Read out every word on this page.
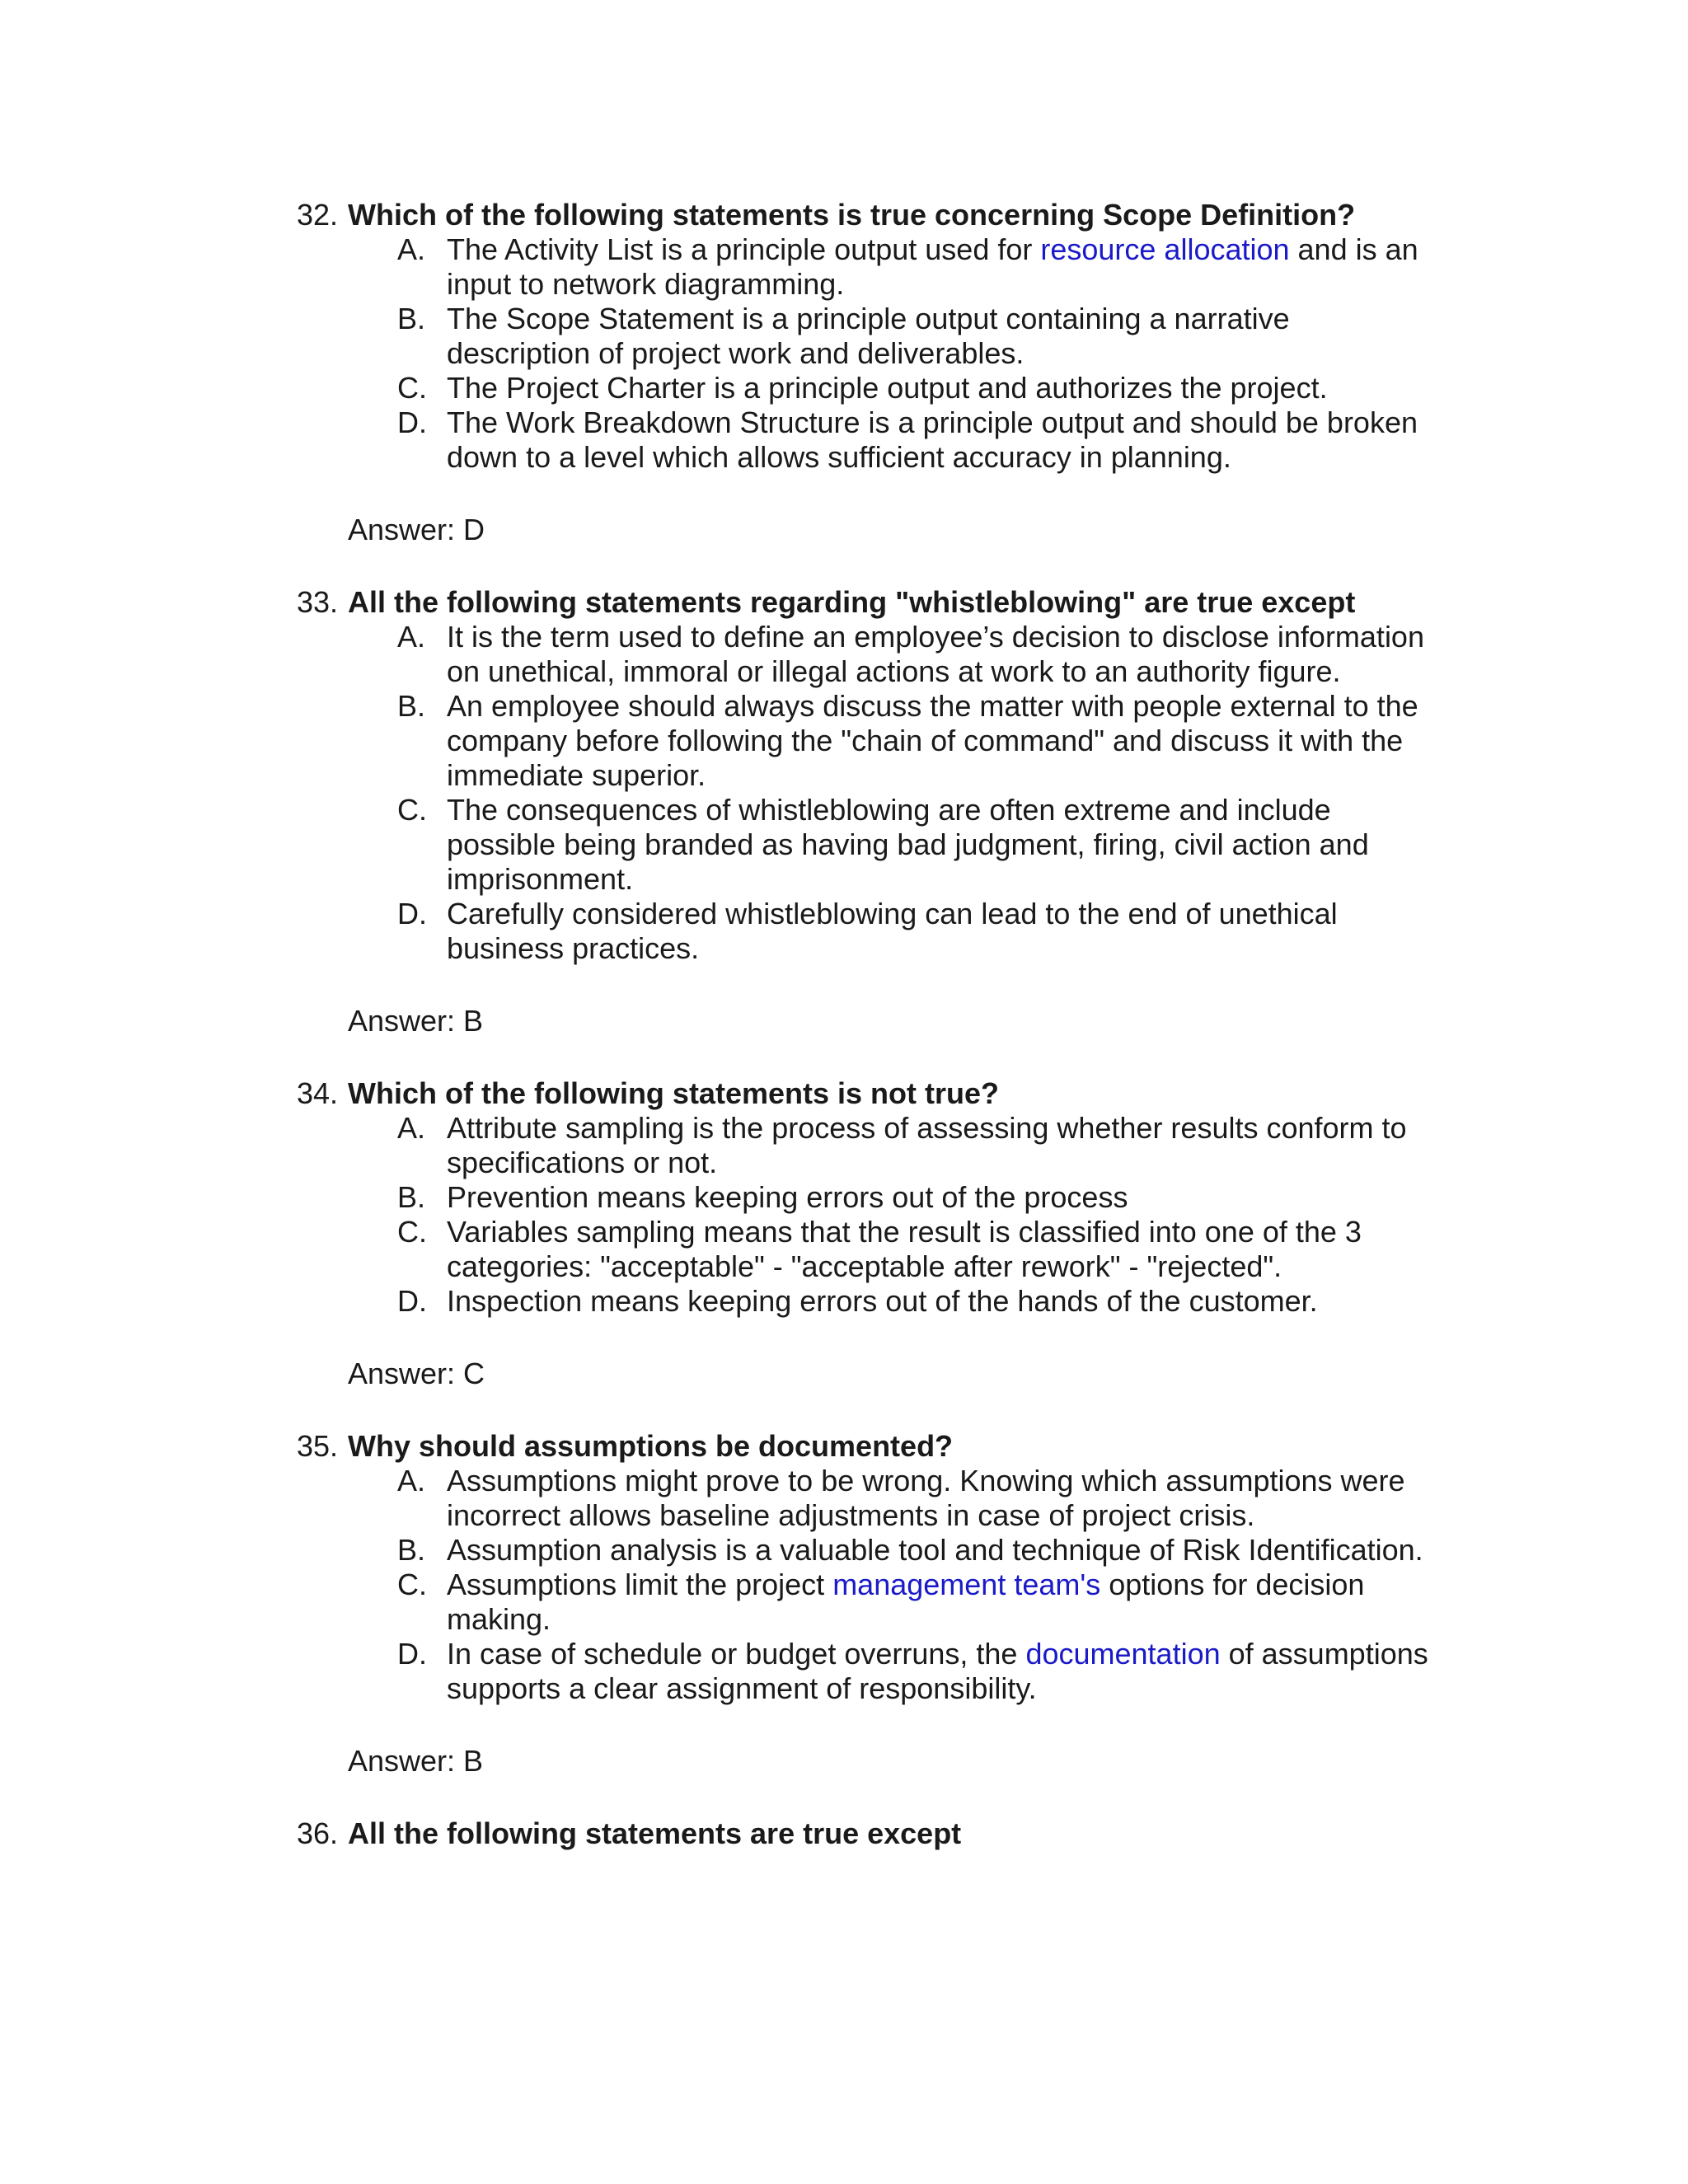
32. Which of the following statements is true concerning Scope Definition?
A. The Activity List is a principle output used for resource allocation and is an input to network diagramming.
B. The Scope Statement is a principle output containing a narrative description of project work and deliverables.
C. The Project Charter is a principle output and authorizes the project.
D. The Work Breakdown Structure is a principle output and should be broken down to a level which allows sufficient accuracy in planning.
Answer: D
33. All the following statements regarding "whistleblowing" are true except
A. It is the term used to define an employee’s decision to disclose information on unethical, immoral or illegal actions at work to an authority figure.
B. An employee should always discuss the matter with people external to the company before following the "chain of command" and discuss it with the immediate superior.
C. The consequences of whistleblowing are often extreme and include possible being branded as having bad judgment, firing, civil action and imprisonment.
D. Carefully considered whistleblowing can lead to the end of unethical business practices.
Answer: B
34. Which of the following statements is not true?
A. Attribute sampling is the process of assessing whether results conform to specifications or not.
B. Prevention means keeping errors out of the process
C. Variables sampling means that the result is classified into one of the 3 categories: "acceptable" - "acceptable after rework" - "rejected".
D. Inspection means keeping errors out of the hands of the customer.
Answer: C
35. Why should assumptions be documented?
A. Assumptions might prove to be wrong. Knowing which assumptions were incorrect allows baseline adjustments in case of project crisis.
B. Assumption analysis is a valuable tool and technique of Risk Identification.
C. Assumptions limit the project management team's options for decision making.
D. In case of schedule or budget overruns, the documentation of assumptions supports a clear assignment of responsibility.
Answer: B
36. All the following statements are true except
